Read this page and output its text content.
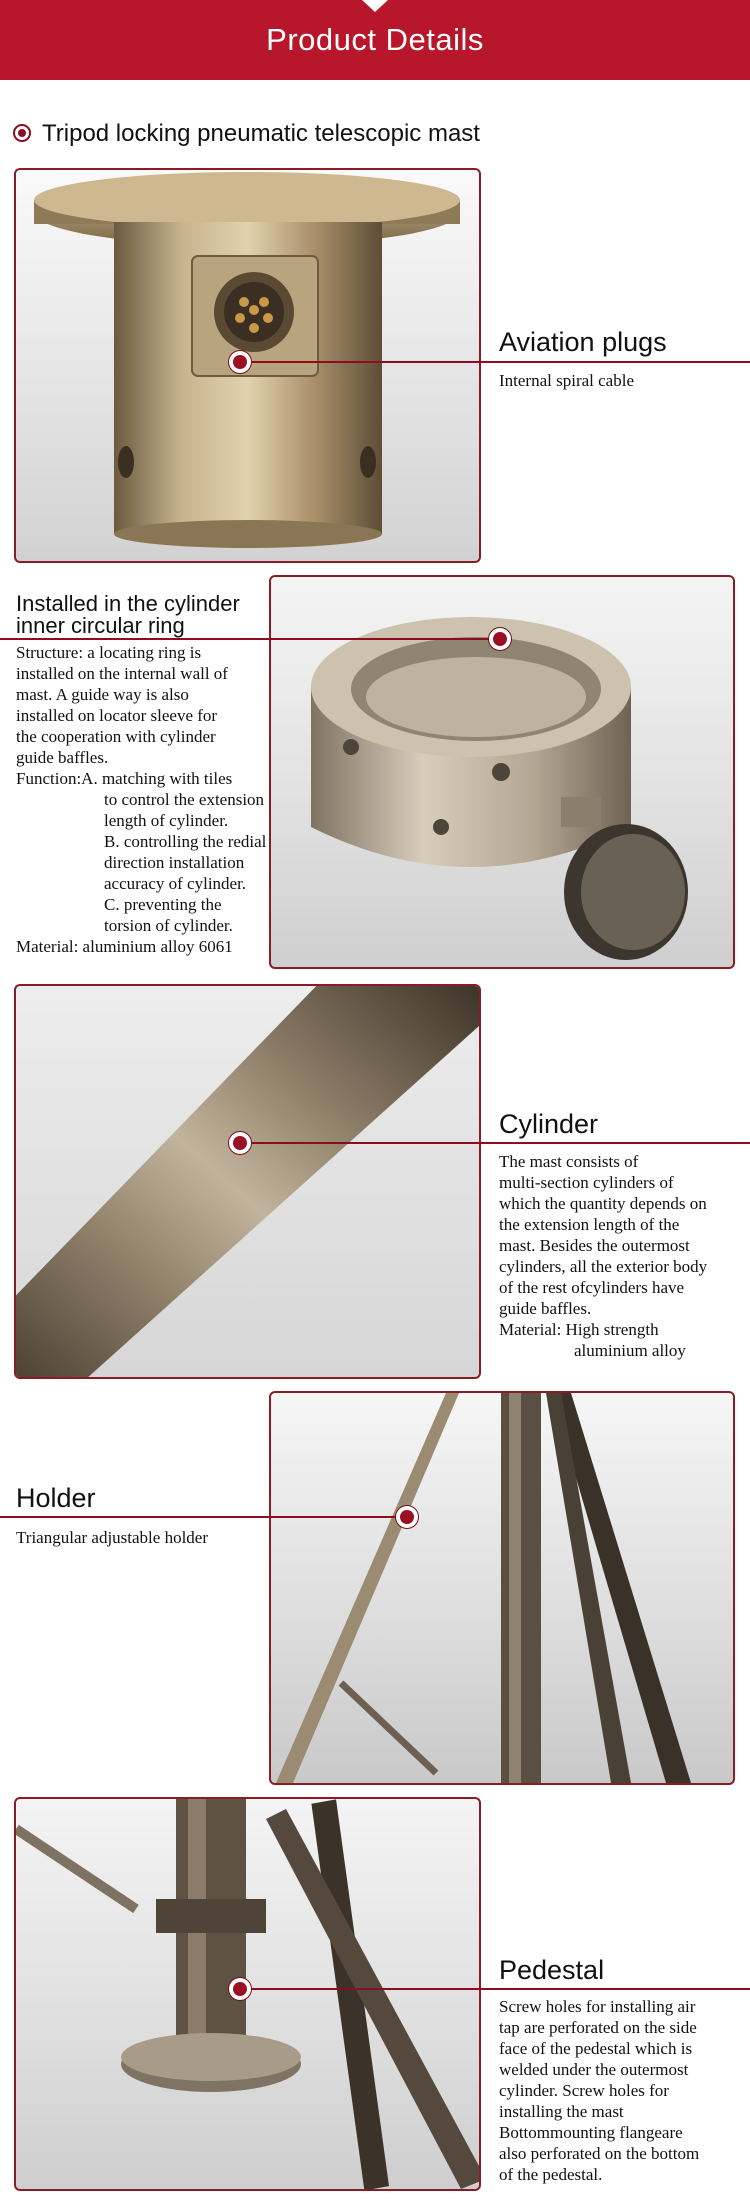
Product Details
Tripod locking pneumatic telescopic mast
Aviation plugs
Internal spiral cable
Installed in the cylinder
inner circular ring
Structure: a locating ring is
installed on the internal wall of
mast. A guide way is also
installed on locator sleeve for
the cooperation with cylinder
guide baffles.
Function:A. matching with tiles
to control the extension
length of cylinder.
B. controlling the redial
direction installation
accuracy of cylinder.
C. preventing the
torsion of cylinder.
Material: aluminium alloy 6061
Cylinder
The mast consists of
multi-section cylinders of
which the quantity depends on
the extension length of the
mast. Besides the outermost
cylinders, all the exterior body
of the rest ofcylinders have
guide baffles.
Material: High strength
aluminium alloy
Holder
Triangular adjustable holder
Pedestal
Screw holes for installing air
tap are perforated on the side
face of the pedestal which is
welded under the outermost
cylinder. Screw holes for
installing the mast
Bottommounting flangeare
also perforated on the bottom
of the pedestal.
